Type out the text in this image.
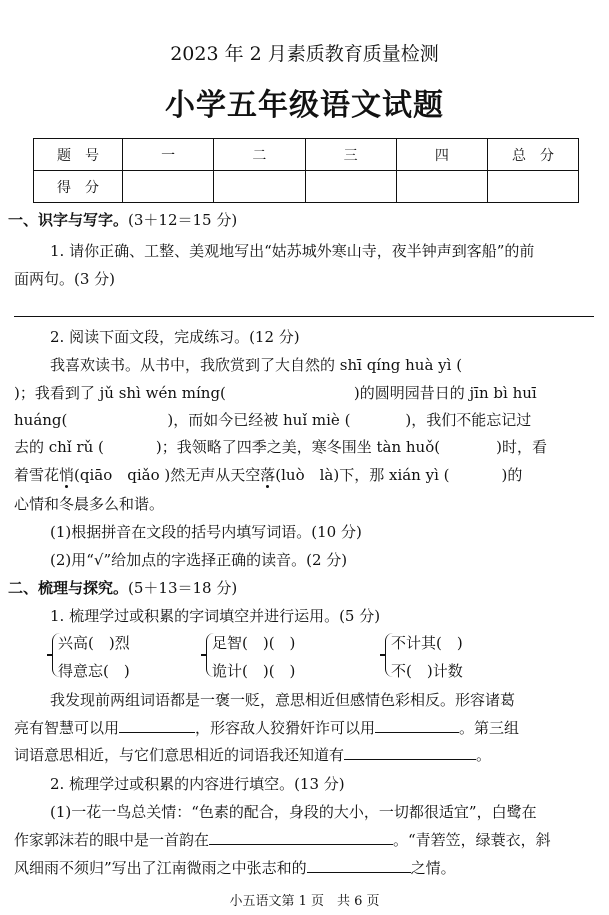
2023 年 2 月素质教育质量检测
小学五年级语文试题
题　号	一	二	三	四	总　分
得　分					
一、识字与写字。(3＋12＝15 分)
1. 请你正确、工整、美观地写出“姑苏城外寒山寺，夜半钟声到客船”的前
面两句。(3 分)
2. 阅读下面文段，完成练习。(12 分)
我喜欢读书。从书中，我欣赏到了大自然的 shī qíng huà yì (
)；我看到了 jǔ shì wén míng(	)的圆明园昔日的 jīn bì huī
huáng(	)，而如今已经被 huǐ miè (	)，我们不能忘记过
去的 chǐ rǔ (	)；我领略了四季之美，寒冬围坐 tàn huǒ(	)时，看
着雪花悄(qiāo　qiǎo )然无声从天空落(luò　là)下，那 xián yì (	)的
心情和冬晨多么和谐。
(1)根据拼音在文段的括号内填写词语。(10 分)
(2)用“√”给加点的字选择正确的读音。(2 分)
二、梳理与探究。(5＋13＝18 分)
1. 梳理学过或积累的字词填空并进行运用。(5 分)
兴高(　)烈
得意忘(　)
足智(　)(　)
诡计(　)(　)
不计其(　)
不(　)计数
我发现前两组词语都是一褒一贬，意思相近但感情色彩相反。形容诸葛
亮有智慧可以用	，形容敌人狡猾奸诈可以用	。第三组
词语意思相近，与它们意思相近的词语我还知道有	。
2. 梳理学过或积累的内容进行填空。(13 分)
(1)一花一鸟总关情：“色素的配合，身段的大小，一切都很适宜”，白鹭在
作家郭沫若的眼中是一首韵在	。“青箬笠，绿蓑衣，斜
风细雨不须归”写出了江南微雨之中张志和的	之情。
小五语文第 1 页　共 6 页
